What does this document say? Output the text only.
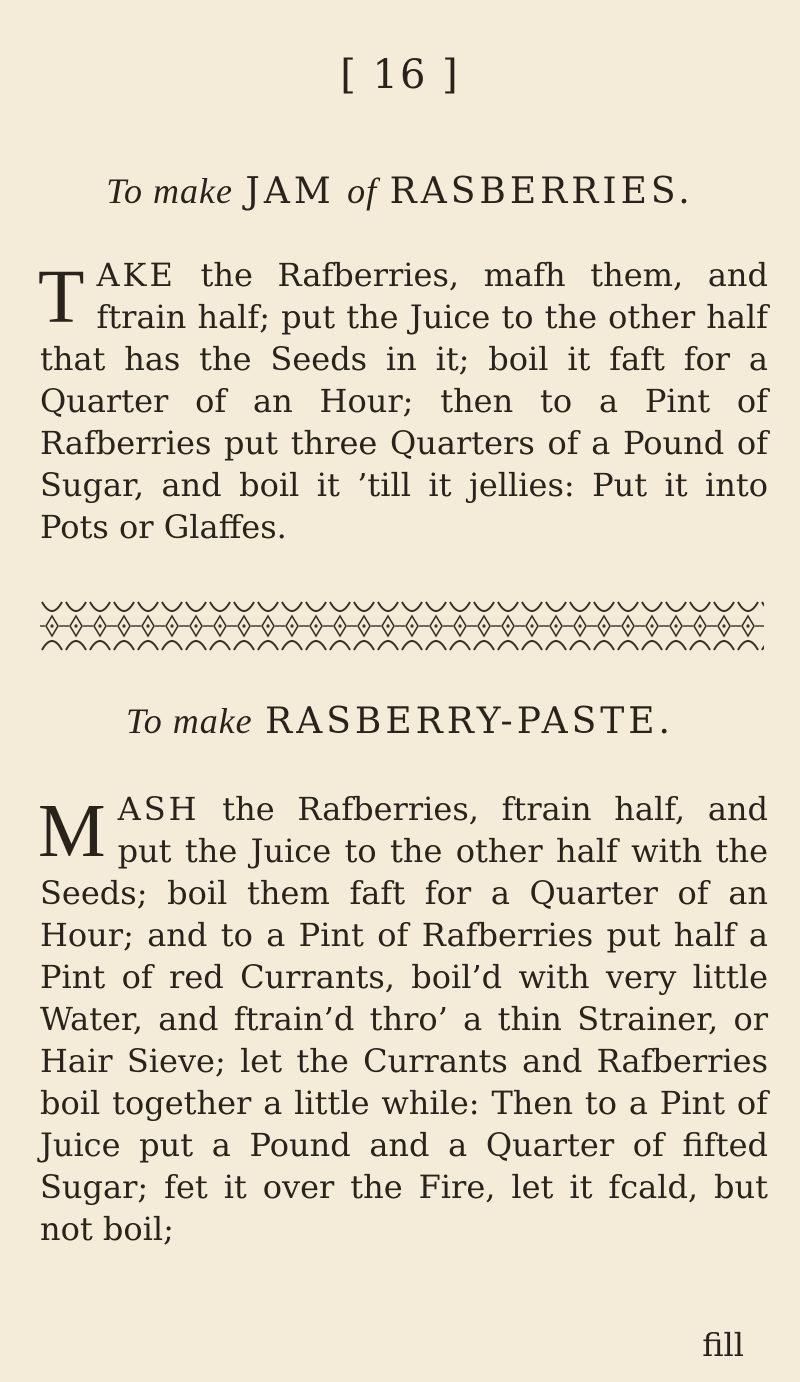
[ 16 ]
To make JAM of RASBERRIES.
TAKE the Rafberries, mafh them, and ftrain half; put the Juice to the other half that has the Seeds in it; boil it faft for a Quarter of an Hour; then to a Pint of Rafberries put three Quarters of a Pound of Sugar, and boil it ’till it jellies: Put it into Pots or Glaffes.
To make RASBERRY-PASTE.
MASH the Rafberries, ftrain half, and put the Juice to the other half with the Seeds; boil them faft for a Quarter of an Hour; and to a Pint of Rafberries put half a Pint of red Currants, boil’d with very little Water, and ftrain’d thro’ a thin Strainer, or Hair Sieve; let the Currants and Rafberries boil together a little while: Then to a Pint of Juice put a Pound and a Quarter of fifted Sugar; fet it over the Fire, let it fcald, but not boil;
fill
